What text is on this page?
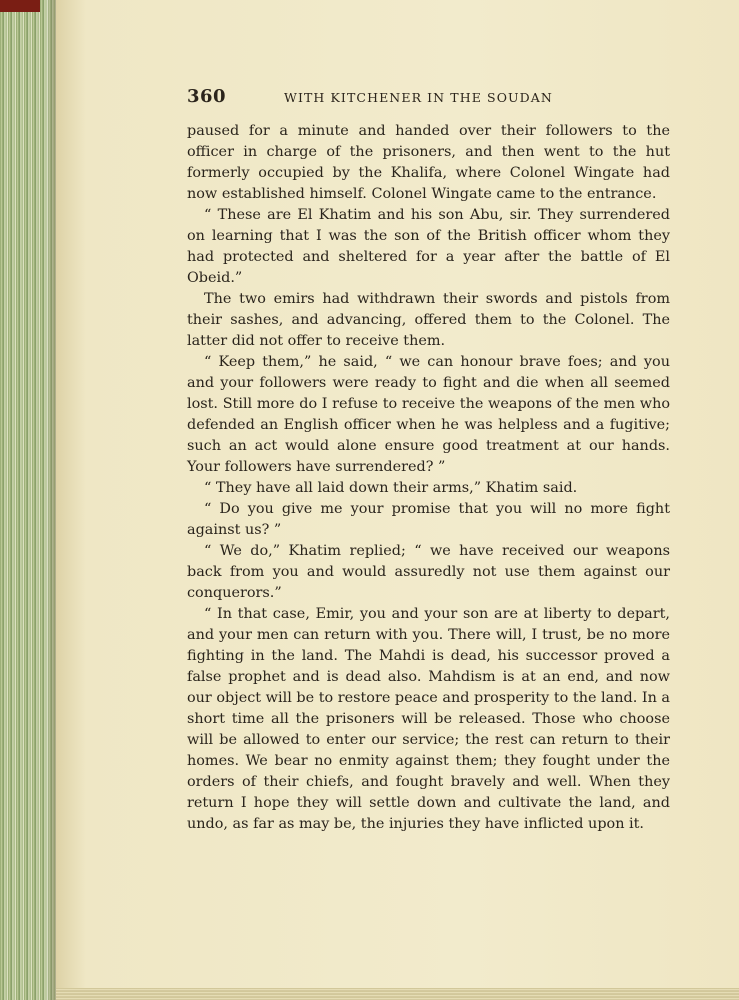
360	WITH KITCHENER IN THE SOUDAN

paused for a minute and handed over their followers to the officer in charge of the prisoners, and then went to the hut formerly occupied by the Khalifa, where Colonel Wingate had now established himself. Colonel Wingate came to the entrance.

“ These are El Khatim and his son Abu, sir. They surrendered on learning that I was the son of the British officer whom they had protected and sheltered for a year after the battle of El Obeid.”

The two emirs had withdrawn their swords and pistols from their sashes, and advancing, offered them to the Colonel. The latter did not offer to receive them.

“ Keep them,” he said, “ we can honour brave foes; and you and your followers were ready to fight and die when all seemed lost. Still more do I refuse to receive the weapons of the men who defended an English officer when he was helpless and a fugitive; such an act would alone ensure good treatment at our hands. Your followers have surrendered? ”

“ They have all laid down their arms,” Khatim said.

“ Do you give me your promise that you will no more fight against us? ”

“ We do,” Khatim replied; “ we have received our weapons back from you and would assuredly not use them against our conquerors.”

“ In that case, Emir, you and your son are at liberty to depart, and your men can return with you. There will, I trust, be no more fighting in the land. The Mahdi is dead, his successor proved a false prophet and is dead also. Mahdism is at an end, and now our object will be to restore peace and prosperity to the land. In a short time all the prisoners will be released. Those who choose will be allowed to enter our service; the rest can return to their homes. We bear no enmity against them; they fought under the orders of their chiefs, and fought bravely and well. When they return I hope they will settle down and cultivate the land, and undo, as far as may be, the injuries they have inflicted upon it.
